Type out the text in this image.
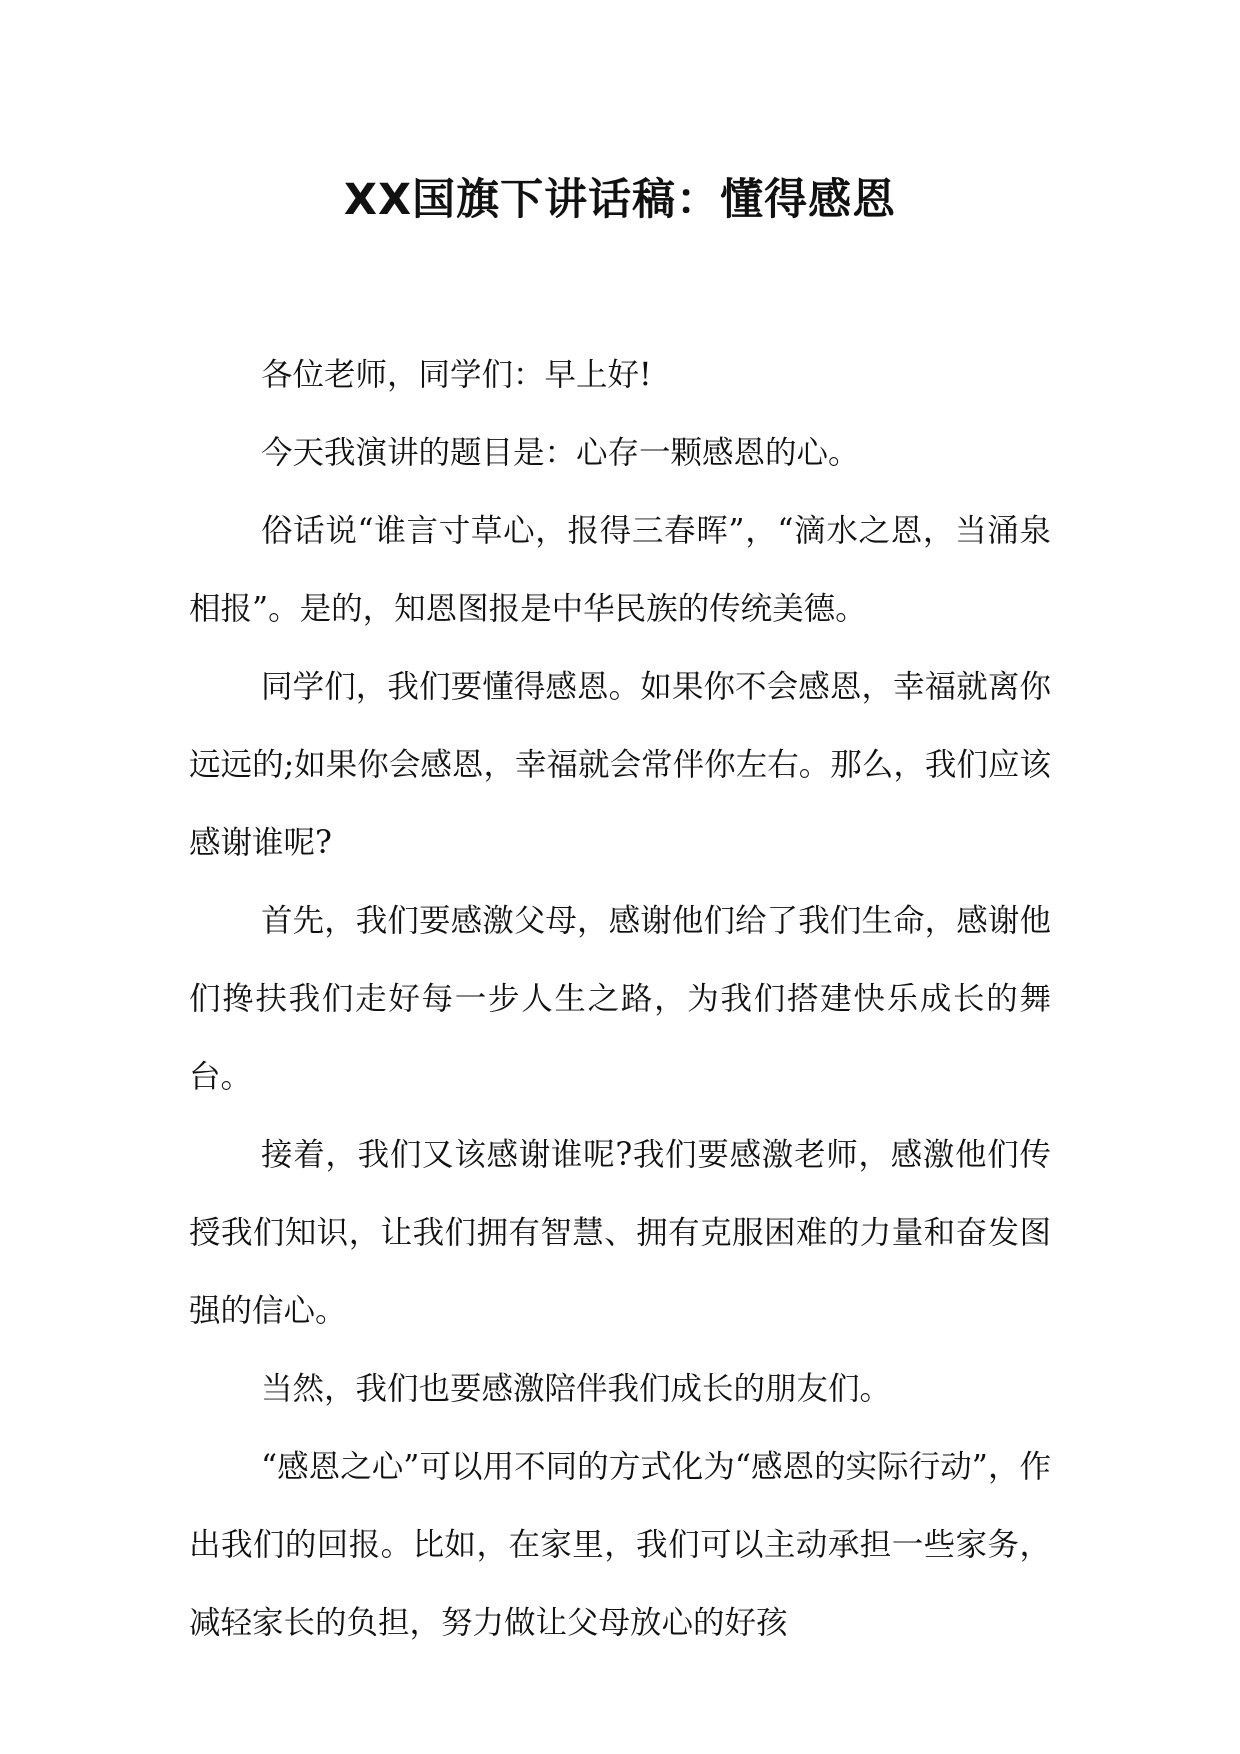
XX国旗下讲话稿：懂得感恩

各位老师，同学们：早上好!

今天我演讲的题目是：心存一颗感恩的心。

俗话说“谁言寸草心，报得三春晖”，“滴水之恩，当涌泉相报”。是的，知恩图报是中华民族的传统美德。

同学们，我们要懂得感恩。如果你不会感恩，幸福就离你远远的;如果你会感恩，幸福就会常伴你左右。那么，我们应该感谢谁呢?

首先，我们要感激父母，感谢他们给了我们生命，感谢他们搀扶我们走好每一步人生之路，为我们搭建快乐成长的舞台。

接着，我们又该感谢谁呢?我们要感激老师，感激他们传授我们知识，让我们拥有智慧、拥有克服困难的力量和奋发图强的信心。

当然，我们也要感激陪伴我们成长的朋友们。

“感恩之心”可以用不同的方式化为“感恩的实际行动”，作出我们的回报。比如，在家里，我们可以主动承担一些家务，减轻家长的负担，努力做让父母放心的好孩
